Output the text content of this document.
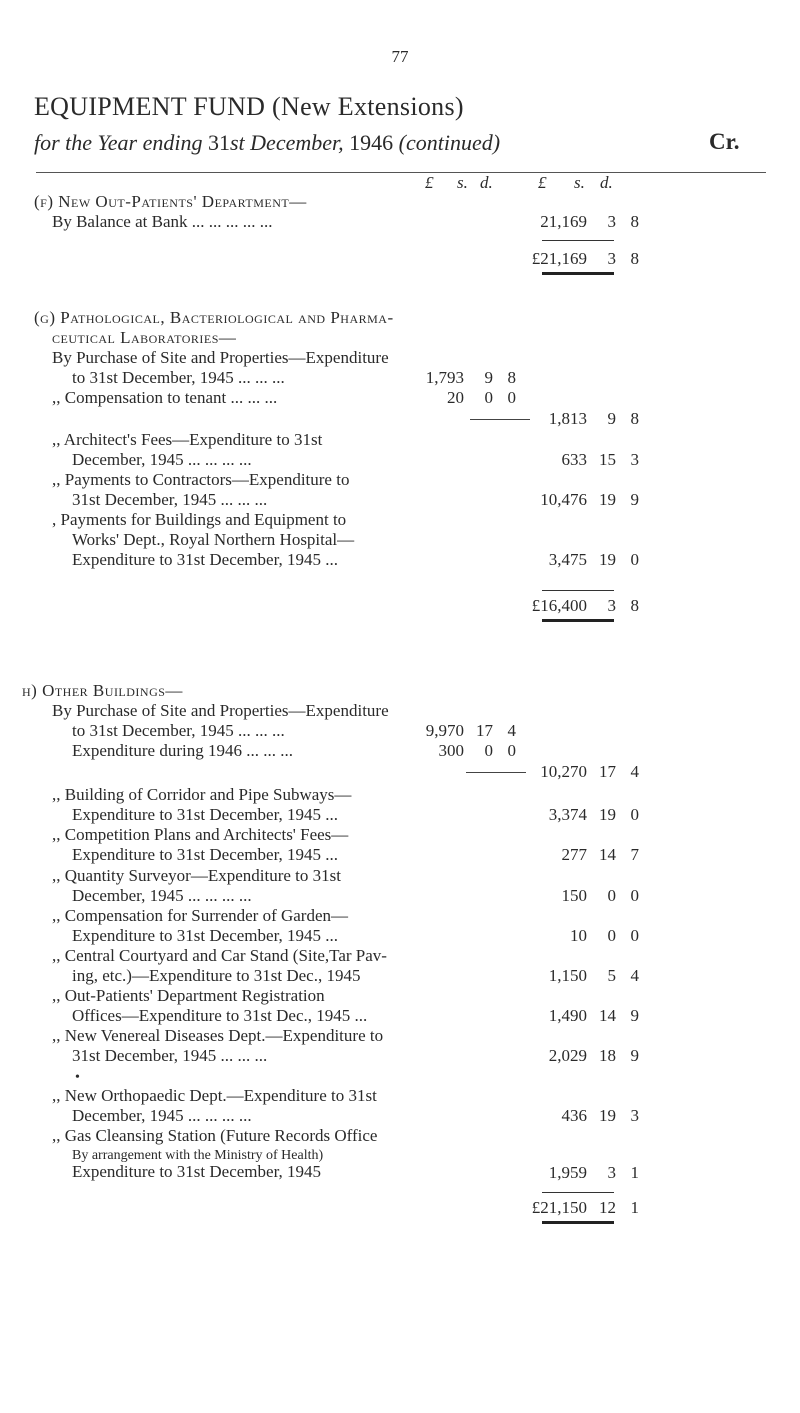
77
EQUIPMENT FUND (New Extensions)
for the Year ending 31st December, 1946 (continued)	Cr.
£ s. d.	£ s. d.
(f) New Out-Patients' Department—
By Balance at Bank ... ... ... ... ...	21,169 3 8
£21,169 3 8
(g) Pathological, Bacteriological and Pharma-
ceutical Laboratories—
By Purchase of Site and Properties—Expenditure
to 31st December, 1945 ... ... ...	1,793 9 8
,, Compensation to tenant ... ... ...	20 0 0
1,813 9 8
,, Architect's Fees—Expenditure to 31st
December, 1945 ... ... ... ...	633 15 3
,, Payments to Contractors—Expenditure to
31st December, 1945 ... ... ...	10,476 19 9
, Payments for Buildings and Equipment to
Works' Dept., Royal Northern Hospital—
Expenditure to 31st December, 1945 ...	3,475 19 0
£16,400 3 8
h) Other Buildings—
By Purchase of Site and Properties—Expenditure
to 31st December, 1945 ... ... ...	9,970 17 4
Expenditure during 1946 ... ... ...	300 0 0
10,270 17 4
,, Building of Corridor and Pipe Subways—
Expenditure to 31st December, 1945 ...	3,374 19 0
,, Competition Plans and Architects' Fees—
Expenditure to 31st December, 1945 ...	277 14 7
,, Quantity Surveyor—Expenditure to 31st
December, 1945 ... ... ... ...	150 0 0
,, Compensation for Surrender of Garden—
Expenditure to 31st December, 1945 ...	10 0 0
,, Central Courtyard and Car Stand (Site,Tar Pav-
ing, etc.)—Expenditure to 31st Dec., 1945	1,150 5 4
,, Out-Patients' Department Registration
Offices—Expenditure to 31st Dec., 1945 ...	1,490 14 9
,, New Venereal Diseases Dept.—Expenditure to
31st December, 1945 ... ... ...	2,029 18 9
•
,, New Orthopaedic Dept.—Expenditure to 31st
December, 1945 ... ... ... ...	436 19 3
,, Gas Cleansing Station (Future Records Office
By arrangement with the Ministry of Health)
Expenditure to 31st December, 1945	1,959 3 1
£21,150 12 1
